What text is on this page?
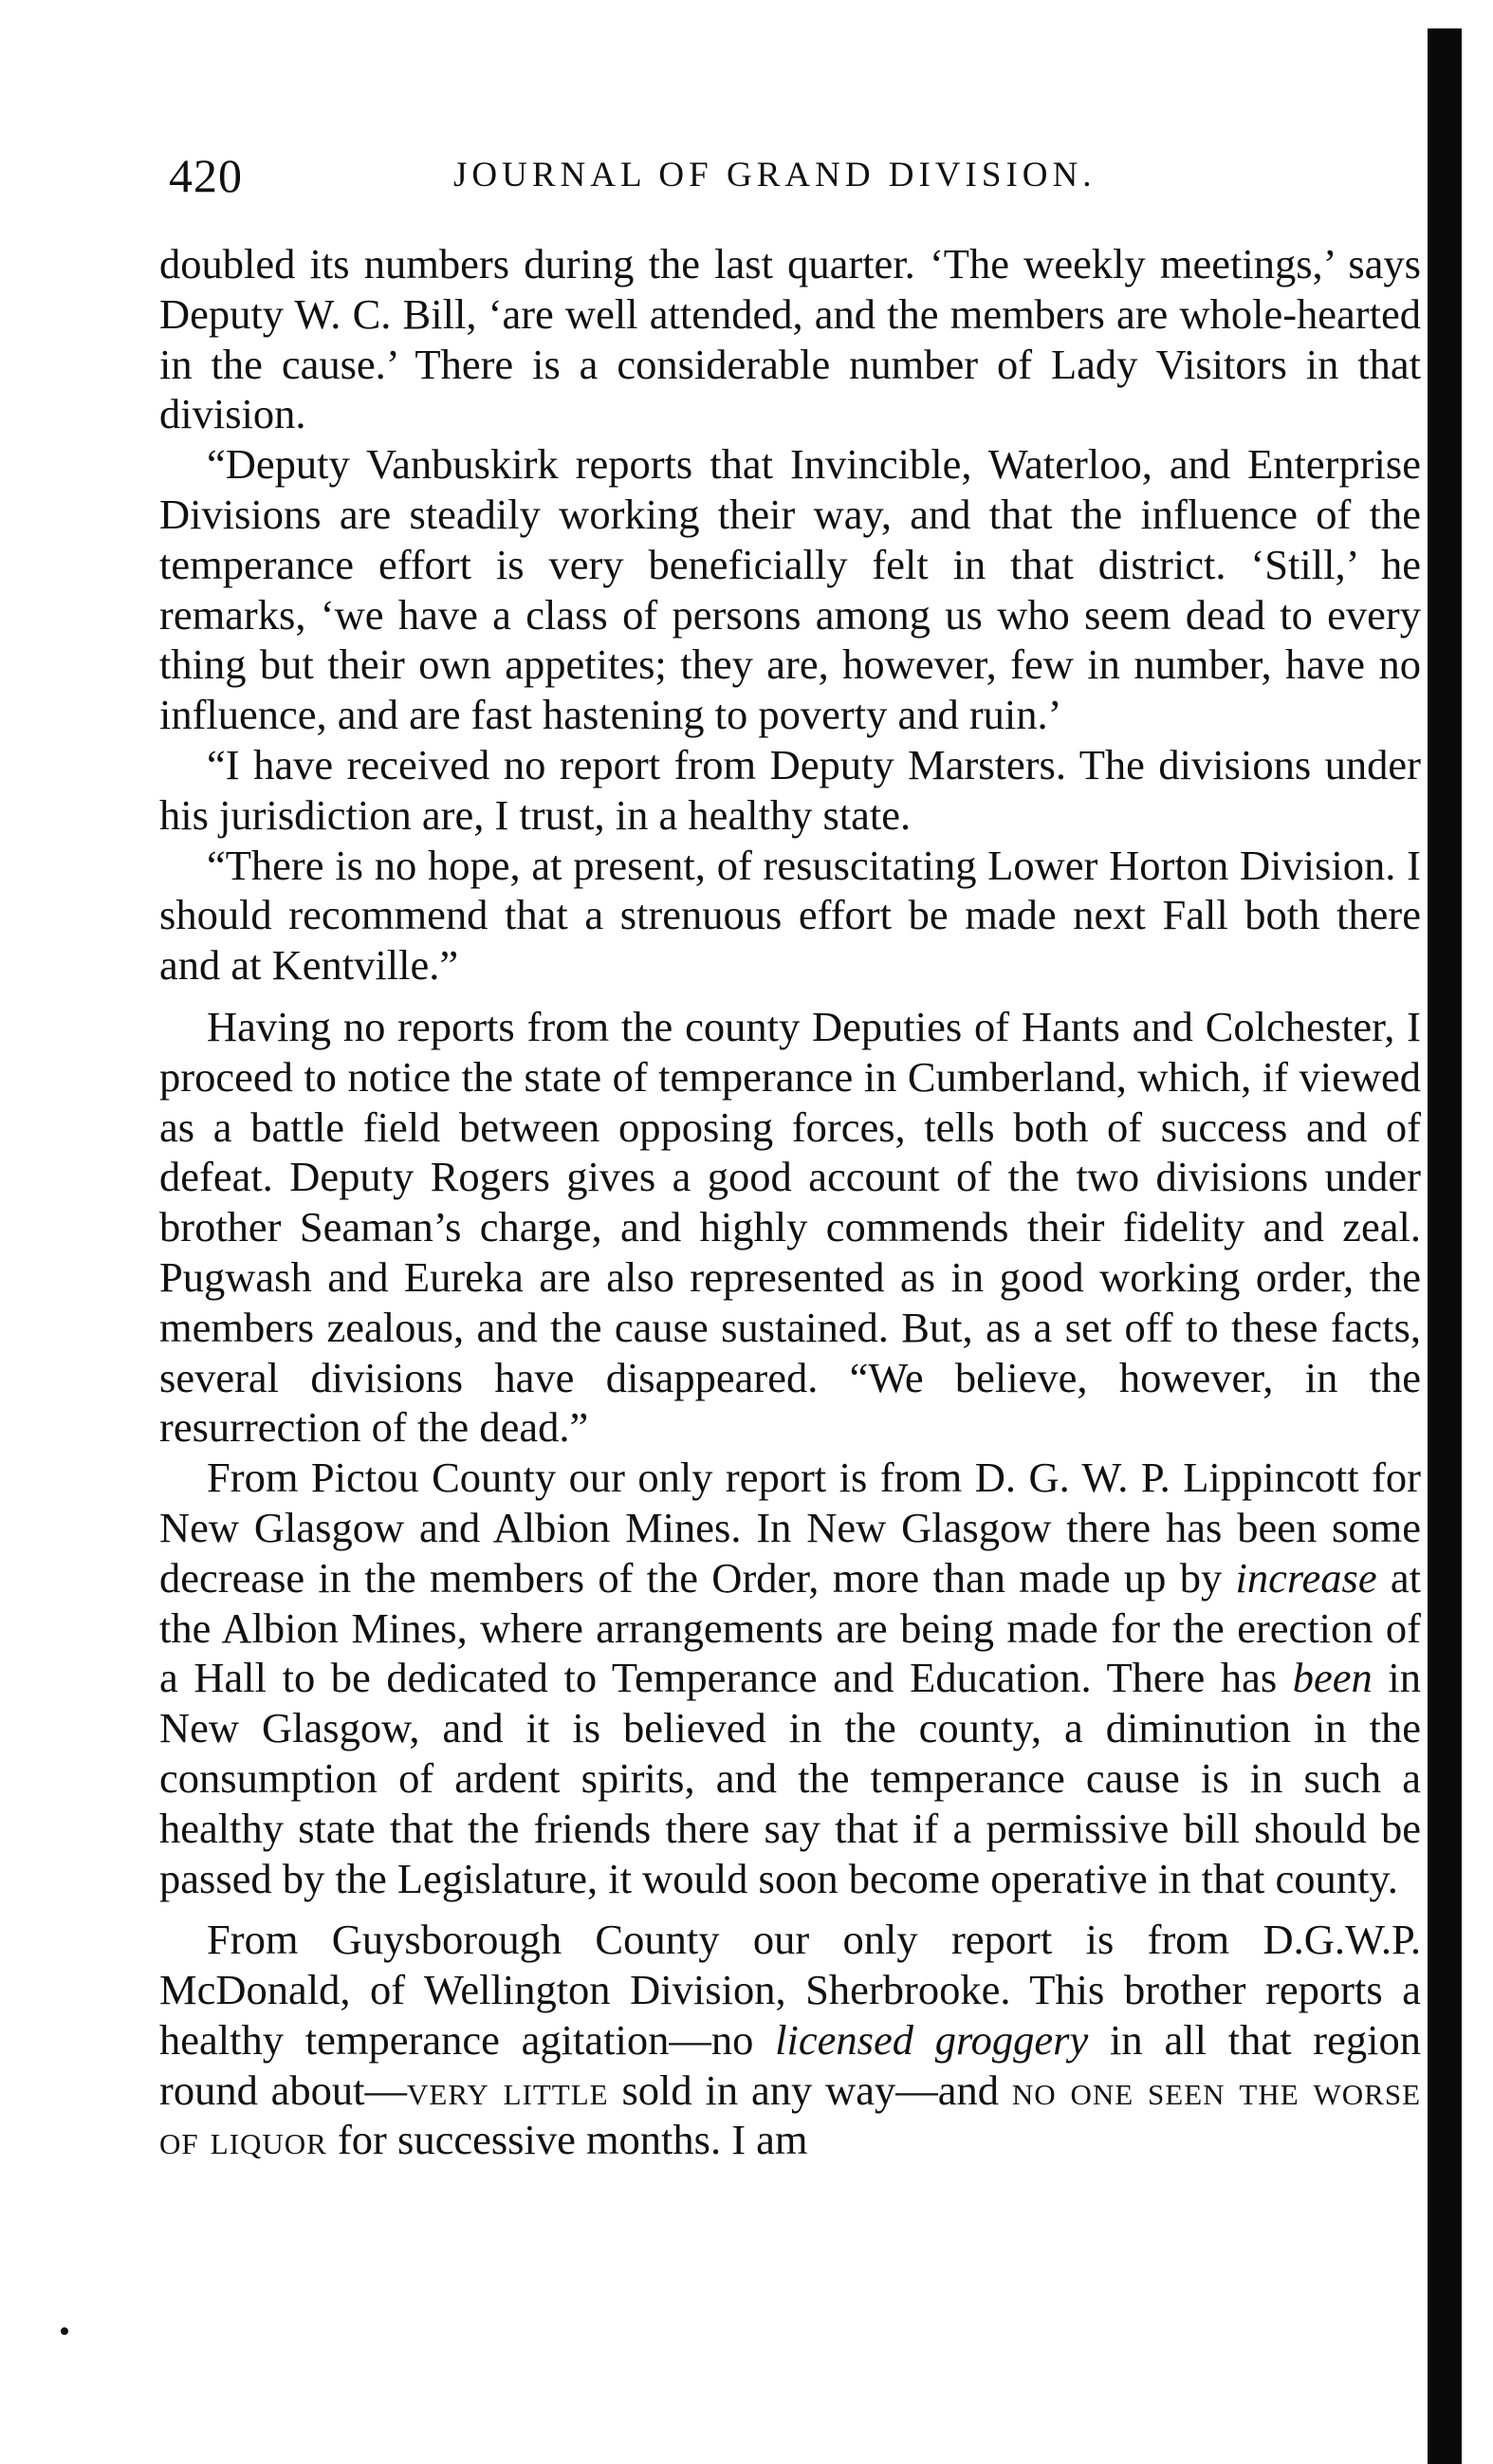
420	JOURNAL OF GRAND DIVISION.

doubled its numbers during the last quarter. ‘The weekly meetings,’ says Deputy W. C. Bill, ‘are well attended, and the members are whole-hearted in the cause.’ There is a considerable number of Lady Visitors in that division.

“Deputy Vanbuskirk reports that Invincible, Waterloo, and Enterprise Divisions are steadily working their way, and that the influence of the temperance effort is very beneficially felt in that district. ‘Still,’ he remarks, ‘we have a class of persons among us who seem dead to every thing but their own appetites; they are, however, few in number, have no influence, and are fast hastening to poverty and ruin.’

“I have received no report from Deputy Marsters. The divisions under his jurisdiction are, I trust, in a healthy state.

“There is no hope, at present, of resuscitating Lower Horton Division. I should recommend that a strenuous effort be made next Fall both there and at Kentville.”

Having no reports from the county Deputies of Hants and Colchester, I proceed to notice the state of temperance in Cumberland, which, if viewed as a battle field between opposing forces, tells both of success and of defeat. Deputy Rogers gives a good account of the two divisions under brother Seaman’s charge, and highly commends their fidelity and zeal. Pugwash and Eureka are also represented as in good working order, the members zealous, and the cause sustained. But, as a set off to these facts, several divisions have disappeared. “We believe, however, in the resurrection of the dead.”

From Pictou County our only report is from D. G. W. P. Lippincott for New Glasgow and Albion Mines. In New Glasgow there has been some decrease in the members of the Order, more than made up by increase at the Albion Mines, where arrangements are being made for the erection of a Hall to be dedicated to Temperance and Education. There has been in New Glasgow, and it is believed in the county, a diminution in the consumption of ardent spirits, and the temperance cause is in such a healthy state that the friends there say that if a permissive bill should be passed by the Legislature, it would soon become operative in that county.

From Guysborough County our only report is from D.G.W.P. McDonald, of Wellington Division, Sherbrooke. This brother reports a healthy temperance agitation—no licensed groggery in all that region round about—very little sold in any way—and no one seen the worse of liquor for successive months. I am
